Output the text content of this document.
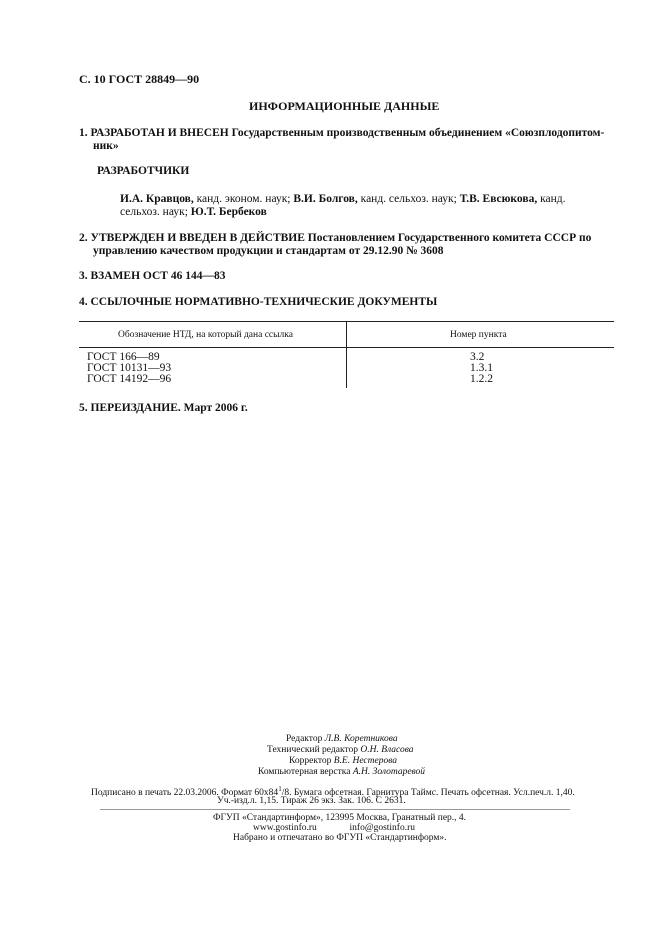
С. 10 ГОСТ 28849—90
ИНФОРМАЦИОННЫЕ ДАННЫЕ
1. РАЗРАБОТАН И ВНЕСЕН Государственным производственным объединением «Союзплодопитом-
ник»
РАЗРАБОТЧИКИ
И.А. Кравцов, канд. эконом. наук; В.И. Болгов, канд. сельхоз. наук; Т.В. Евсюкова, канд.
сельхоз. наук; Ю.Т. Бербеков
2. УТВЕРЖДЕН И ВВЕДЕН В ДЕЙСТВИЕ Постановлением Государственного комитета СССР по
управлению качеством продукции и стандартам от 29.12.90 № 3608
3. ВЗАМЕН ОСТ 46 144—83
4. ССЫЛОЧНЫЕ НОРМАТИВНО-ТЕХНИЧЕСКИЕ ДОКУМЕНТЫ
Обозначение НТД, на который дана ссылка	Номер пункта
ГОСТ 166—89	3.2
ГОСТ 10131—93	1.3.1
ГОСТ 14192—96	1.2.2
5. ПЕРЕИЗДАНИЕ. Март 2006 г.
Редактор Л.В. Коретникова
Технический редактор О.Н. Власова
Корректор В.Е. Нестерова
Компьютерная верстка А.Н. Золотаревой
Подписано в печать 22.03.2006. Формат $60x84^1/8$. Бумага офсетная. Гарнитура Таймс. Печать офсетная. Усл.печ.л. 1,40.
Уч.-изд.л. 1,15. Тираж 26 экз. Зак. 106. С 2631.
ФГУП «Стандартинформ», 123995 Москва, Гранатный пер., 4.
www.gostinfo.ru	info@gostinfo.ru
Набрано и отпечатано во ФГУП «Стандартинформ».
